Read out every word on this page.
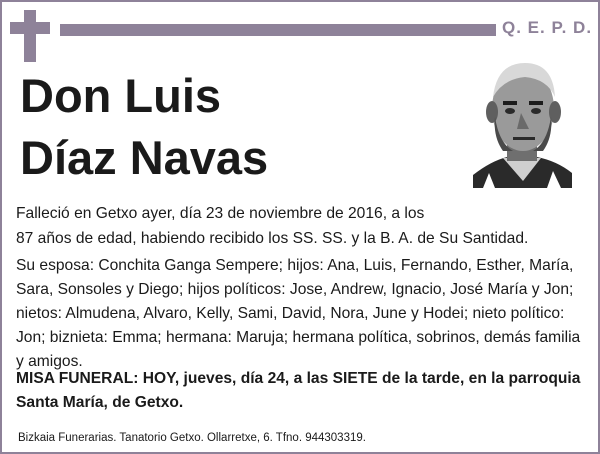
Q. E. P. D.
Don Luis
Díaz Navas
Falleció en Getxo ayer, día 23 de noviembre de 2016, a los
87 años de edad, habiendo recibido los SS. SS. y la B. A. de Su Santidad.
Su esposa: Conchita Ganga Sempere; hijos: Ana, Luis, Fernando, Esther, María, Sara, Sonsoles y Diego; hijos políticos: Jose, Andrew, Ignacio, José María y Jon; nietos: Almudena, Alvaro, Kelly, Sami, David, Nora, June y Hodei; nieto político: Jon; biznieta: Emma; hermana: Maruja; hermana política, sobrinos, demás familia y amigos.
MISA FUNERAL: HOY, jueves, día 24, a las SIETE de la tarde, en la parroquia Santa María, de Getxo.
Bizkaia Funerarias. Tanatorio Getxo. Ollarretxe, 6. Tfno. 944303319.
